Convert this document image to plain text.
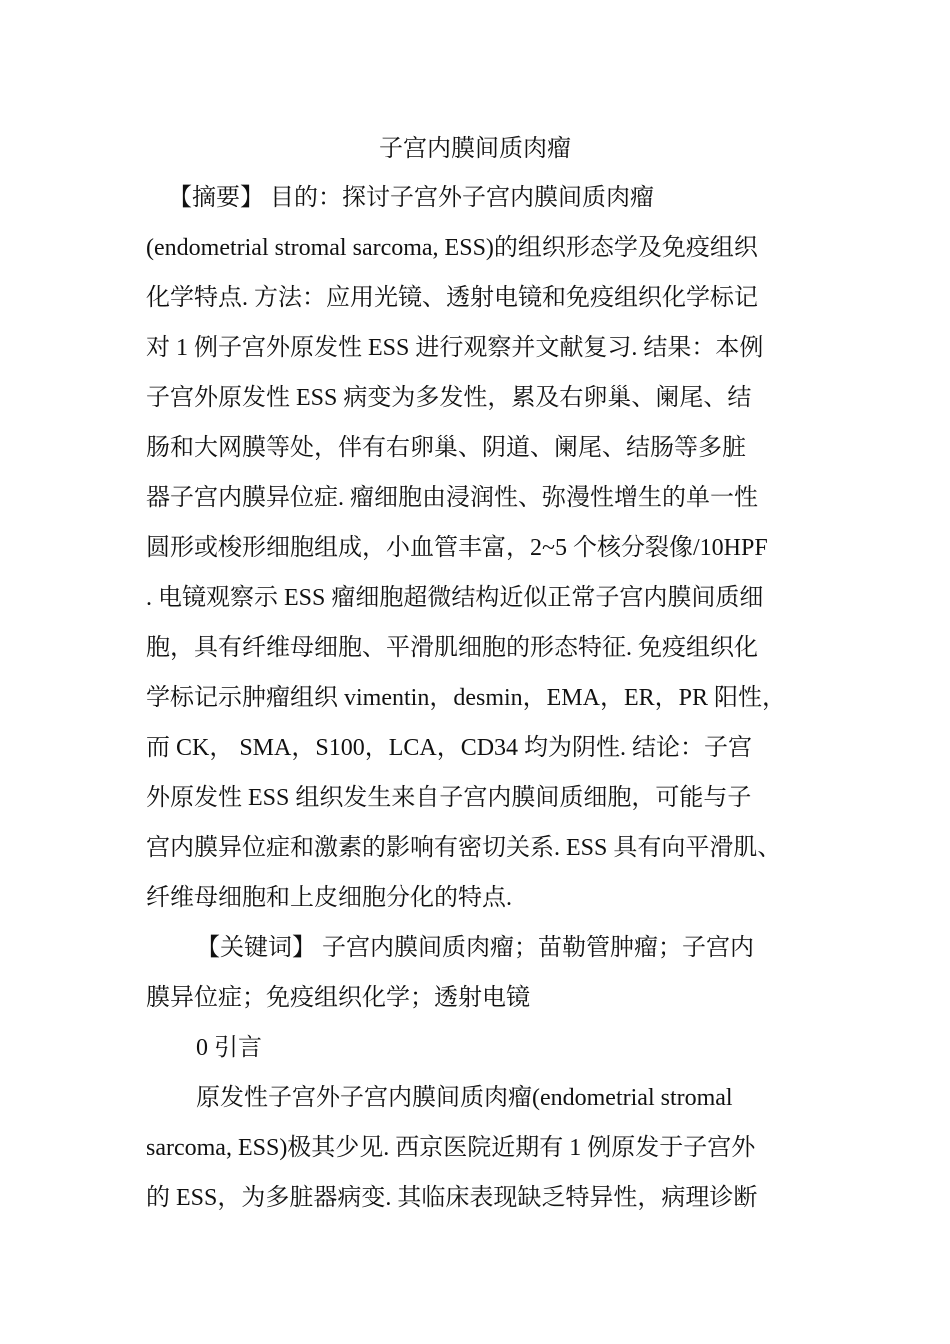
子宫内膜间质肉瘤
【摘要】 目的：探讨子宫外子宫内膜间质肉瘤
(endometrial stromal sarcoma, ESS)的组织形态学及免疫组织
化学特点. 方法：应用光镜、透射电镜和免疫组织化学标记
对 1 例子宫外原发性 ESS 进行观察并文献复习. 结果：本例
子宫外原发性 ESS 病变为多发性，累及右卵巢、阑尾、结
肠和大网膜等处，伴有右卵巢、阴道、阑尾、结肠等多脏
器子宫内膜异位症. 瘤细胞由浸润性、弥漫性增生的单一性
圆形或梭形细胞组成，小血管丰富，2~5 个核分裂像/10HPF
. 电镜观察示 ESS 瘤细胞超微结构近似正常子宫内膜间质细
胞，具有纤维母细胞、平滑肌细胞的形态特征. 免疫组织化
学标记示肿瘤组织 vimentin，desmin，EMA，ER，PR 阳性，
而 CK， SMA，S100，LCA，CD34 均为阴性. 结论：子宫
外原发性 ESS 组织发生来自子宫内膜间质细胞，可能与子
宫内膜异位症和激素的影响有密切关系. ESS 具有向平滑肌、
纤维母细胞和上皮细胞分化的特点.
【关键词】 子宫内膜间质肉瘤；苗勒管肿瘤；子宫内
膜异位症；免疫组织化学；透射电镜
0 引言
原发性子宫外子宫内膜间质肉瘤(endometrial stromal
sarcoma, ESS)极其少见. 西京医院近期有 1 例原发于子宫外
的 ESS，为多脏器病变. 其临床表现缺乏特异性，病理诊断
